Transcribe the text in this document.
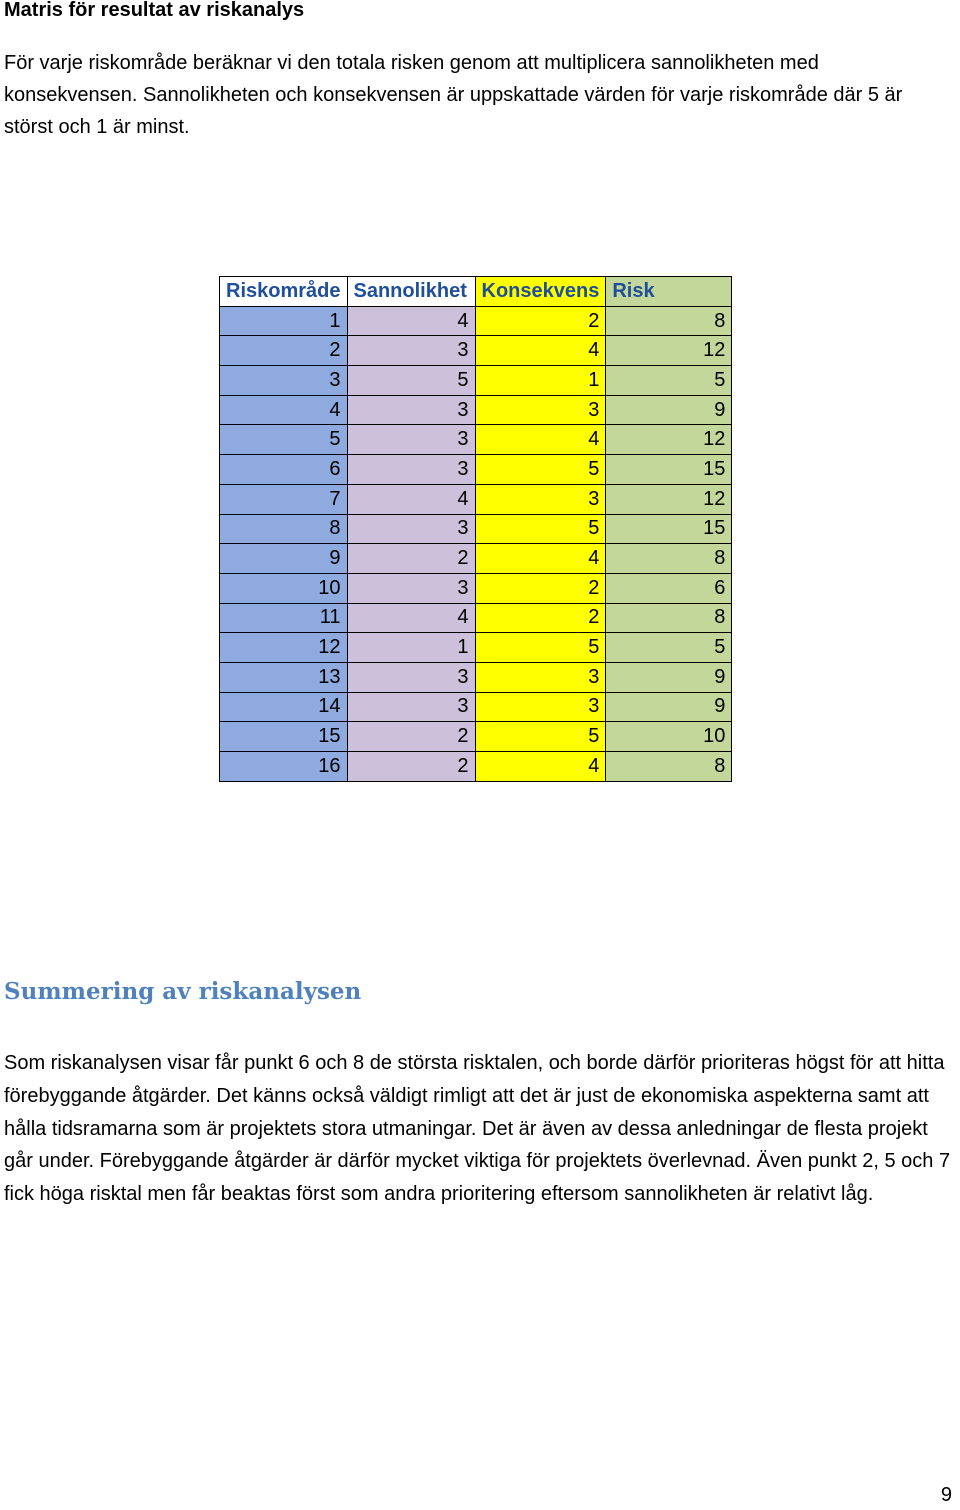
Matris för resultat av riskanalys

För varje riskområde beräknar vi den totala risken genom att multiplicera sannolikheten med konsekvensen. Sannolikheten och konsekvensen är uppskattade värden för varje riskområde där 5 är störst och 1 är minst.

Riskområde	Sannolikhet	Konsekvens	Risk
1	4	2	8
2	3	4	12
3	5	1	5
4	3	3	9
5	3	4	12
6	3	5	15
7	4	3	12
8	3	5	15
9	2	4	8
10	3	2	6
11	4	2	8
12	1	5	5
13	3	3	9
14	3	3	9
15	2	5	10
16	2	4	8
Summering av riskanalysen

Som riskanalysen visar får punkt 6 och 8 de största risktalen, och borde därför prioriteras högst för att hitta förebyggande åtgärder. Det känns också väldigt rimligt att det är just de ekonomiska aspekterna samt att hålla tidsramarna som är projektets stora utmaningar. Det är även av dessa anledningar de flesta projekt går under. Förebyggande åtgärder är därför mycket viktiga för projektets överlevnad. Även punkt 2, 5 och 7 fick höga risktal men får beaktas först som andra prioritering eftersom sannolikheten är relativt låg.

9
